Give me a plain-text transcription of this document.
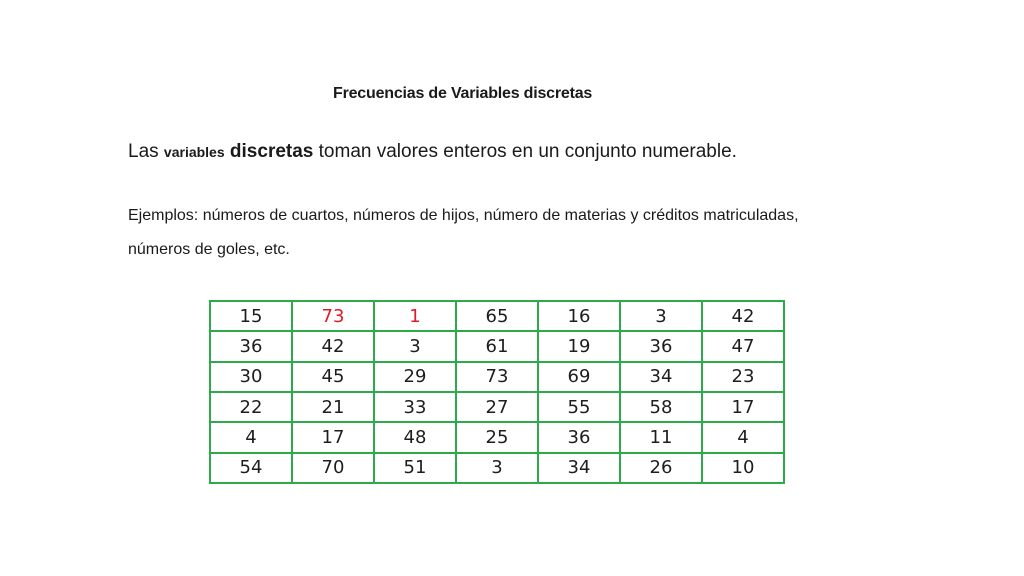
Frecuencias de Variables discretas
Las variables discretas toman valores enteros en un conjunto numerable.
Ejemplos: números de cuartos, números de hijos, número de materias y créditos matriculadas,
números de goles, etc.
15	73	1	65	16	3	42
36	42	3	61	19	36	47
30	45	29	73	69	34	23
22	21	33	27	55	58	17
4	17	48	25	36	11	4
54	70	51	3	34	26	10
